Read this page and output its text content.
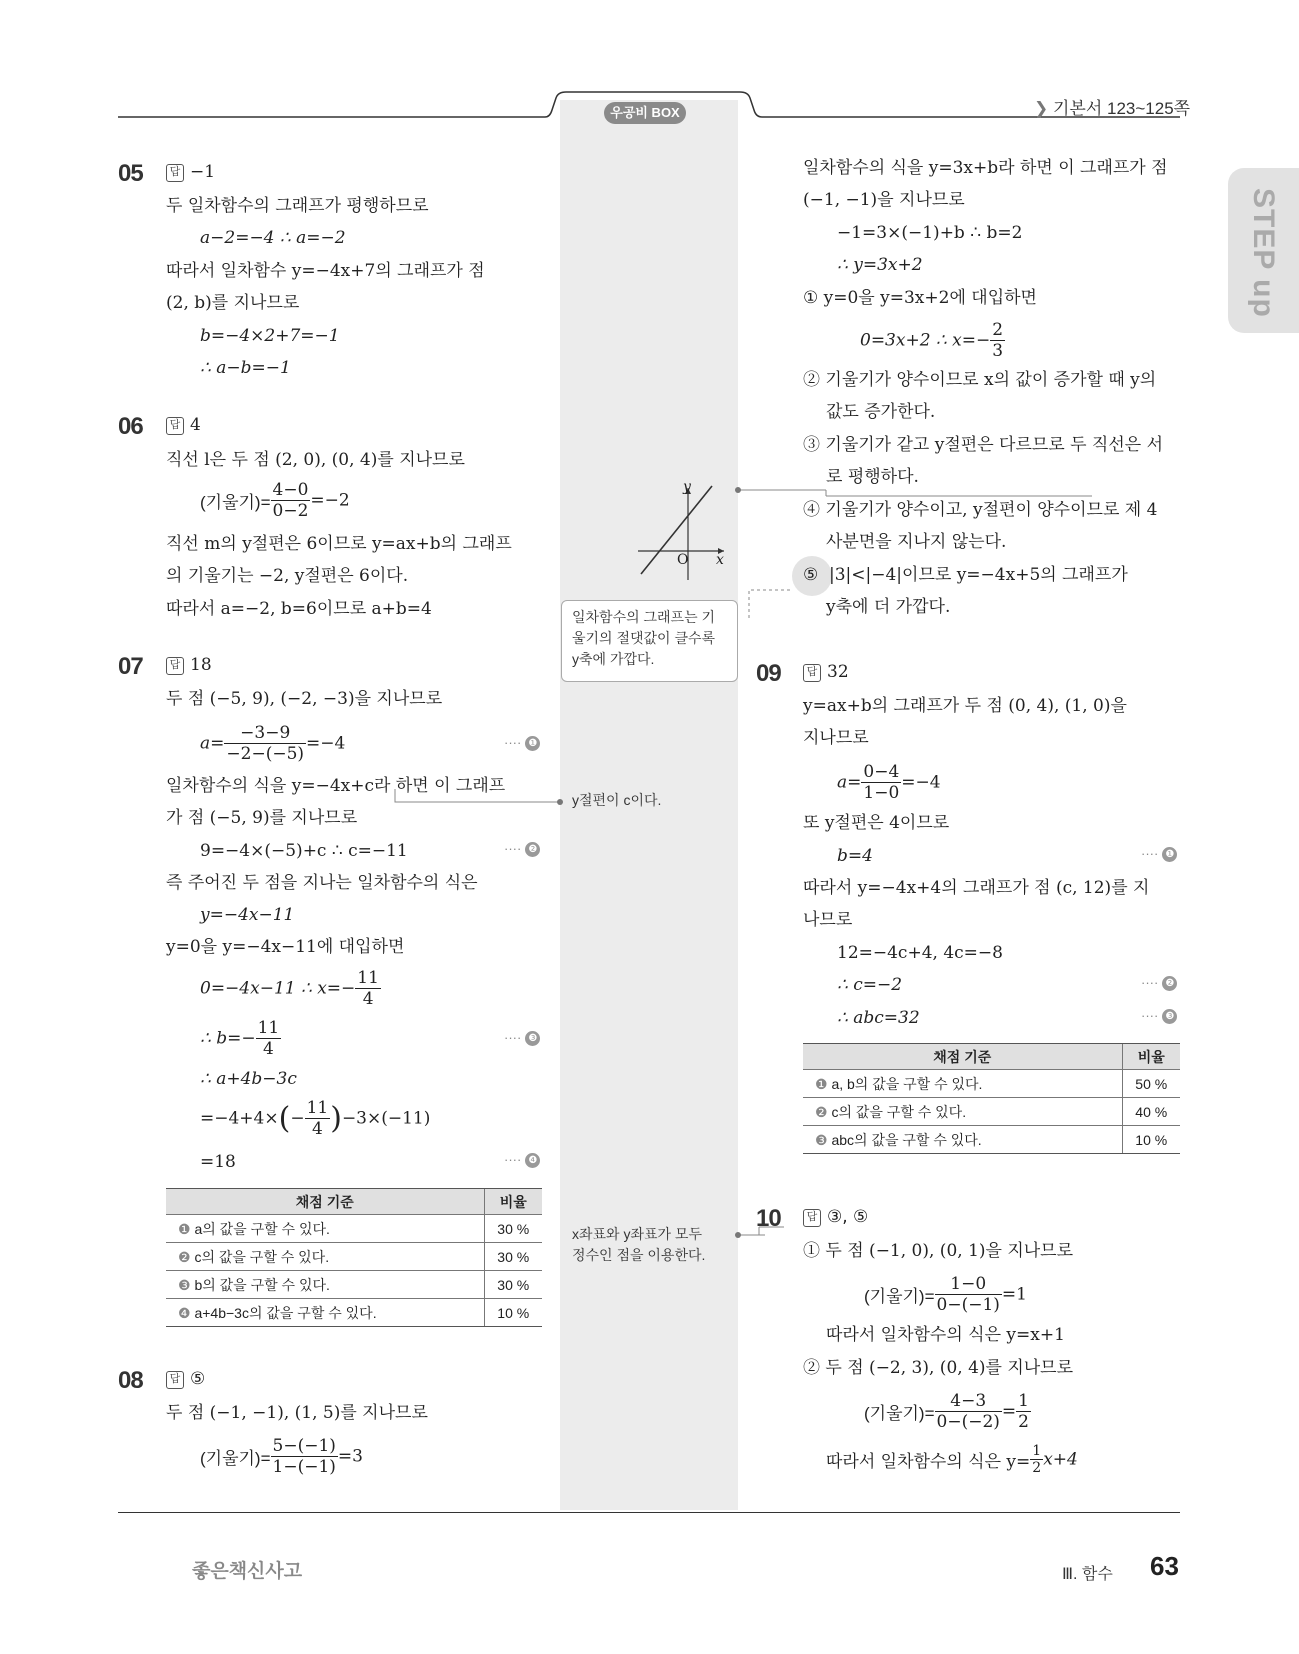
우공비 BOX	❯ 기본서 123~125쪽
STEP up
05	답 −1
두 일차함수의 그래프가 평행하므로
a−2=−4 ∴ a=−2
따라서 일차함수 y=−4x+7의 그래프가 점
(2, b)를 지나므로
b=−4×2+7=−1
∴ a−b=−1
06	답 4
직선 l은 두 점 (2, 0), (0, 4)를 지나므로
(기울기)= $\frac{4-0}{0-2} =-2$
직선 m의 y절편은 6이므로 y=ax+b의 그래프
의 기울기는 −2, y절편은 6이다.
따라서 a=−2, b=6이므로 a+b=4
07	답 18
두 점 (−5, 9), (−2, −3)을 지나므로
$a= \frac{-3-9}{-2-(-5)} =-4$	···· ❶
일차함수의 식을 y=−4x+c라 하면 이 그래프
가 점 (−5, 9)를 지나므로
9=−4×(−5)+c ∴ c=−11	···· ❷
즉 주어진 두 점을 지나는 일차함수의 식은
y=−4x−11
y=0을 y=−4x−11에 대입하면
0=−4x−11 ∴ $x=- \frac{11}{4}$
∴ $b=- \frac{11}{4}$	···· ❸
∴ a+4b−3c
$=-4+4\times(- \frac{11}{4} )-3\times(-11)$
=18	···· ❹
채점 기준	비율
❶ a의 값을 구할 수 있다.	30 %
❷ c의 값을 구할 수 있다.	30 %
❸ b의 값을 구할 수 있다.	30 %
❹ a+4b−3c의 값을 구할 수 있다.	10 %
08	답 ⑤
두 점 (−1, −1), (1, 5)를 지나므로
(기울기)= $\frac{5-(-1)}{1-(-1)} =3$
일차함수의 식을 y=3x+b라 하면 이 그래프가 점
(−1, −1)을 지나므로
−1=3×(−1)+b ∴ b=2
∴ y=3x+2
① y=0을 y=3x+2에 대입하면
0=3x+2 ∴ $x=- \frac{2}{3}$
② 기울기가 양수이므로 x의 값이 증가할 때 y의
값도 증가한다.
③ 기울기가 같고 y절편은 다르므로 두 직선은 서
로 평행하다.
④ 기울기가 양수이고, y절편이 양수이므로 제 4
사분면을 지나지 않는다.
⑤ |3|<|−4|이므로 y=−4x+5의 그래프가
y축에 더 가깝다.
y
x
O
일차함수의 그래프는 기
울기의 절댓값이 클수록
y축에 가깝다.
y절편이 c이다.
x좌표와 y좌표가 모두
정수인 점을 이용한다.
09	답 32
y=ax+b의 그래프가 두 점 (0, 4), (1, 0)을
지나므로
$a= \frac{0-4}{1-0} =-4$
또 y절편은 4이므로
b=4	···· ❶
따라서 y=−4x+4의 그래프가 점 (c, 12)를 지
나므로
12=−4c+4, 4c=−8
∴ c=−2	···· ❷
∴ abc=32	···· ❸
채점 기준	비율
❶ a, b의 값을 구할 수 있다.	50 %
❷ c의 값을 구할 수 있다.	40 %
❸ abc의 값을 구할 수 있다.	10 %
10	답 ③, ⑤
① 두 점 (−1, 0), (0, 1)을 지나므로
(기울기)= $\frac{1-0}{0-(-1)} =1$
따라서 일차함수의 식은 y=x+1
② 두 점 (−2, 3), (0, 4)를 지나므로
(기울기)= $\frac{4-3}{0-(-2)} = \frac{1}{2}$
따라서 일차함수의 식은 $y= \frac{1}{2} x+4$
좋은책신사고	Ⅲ. 함수 63
